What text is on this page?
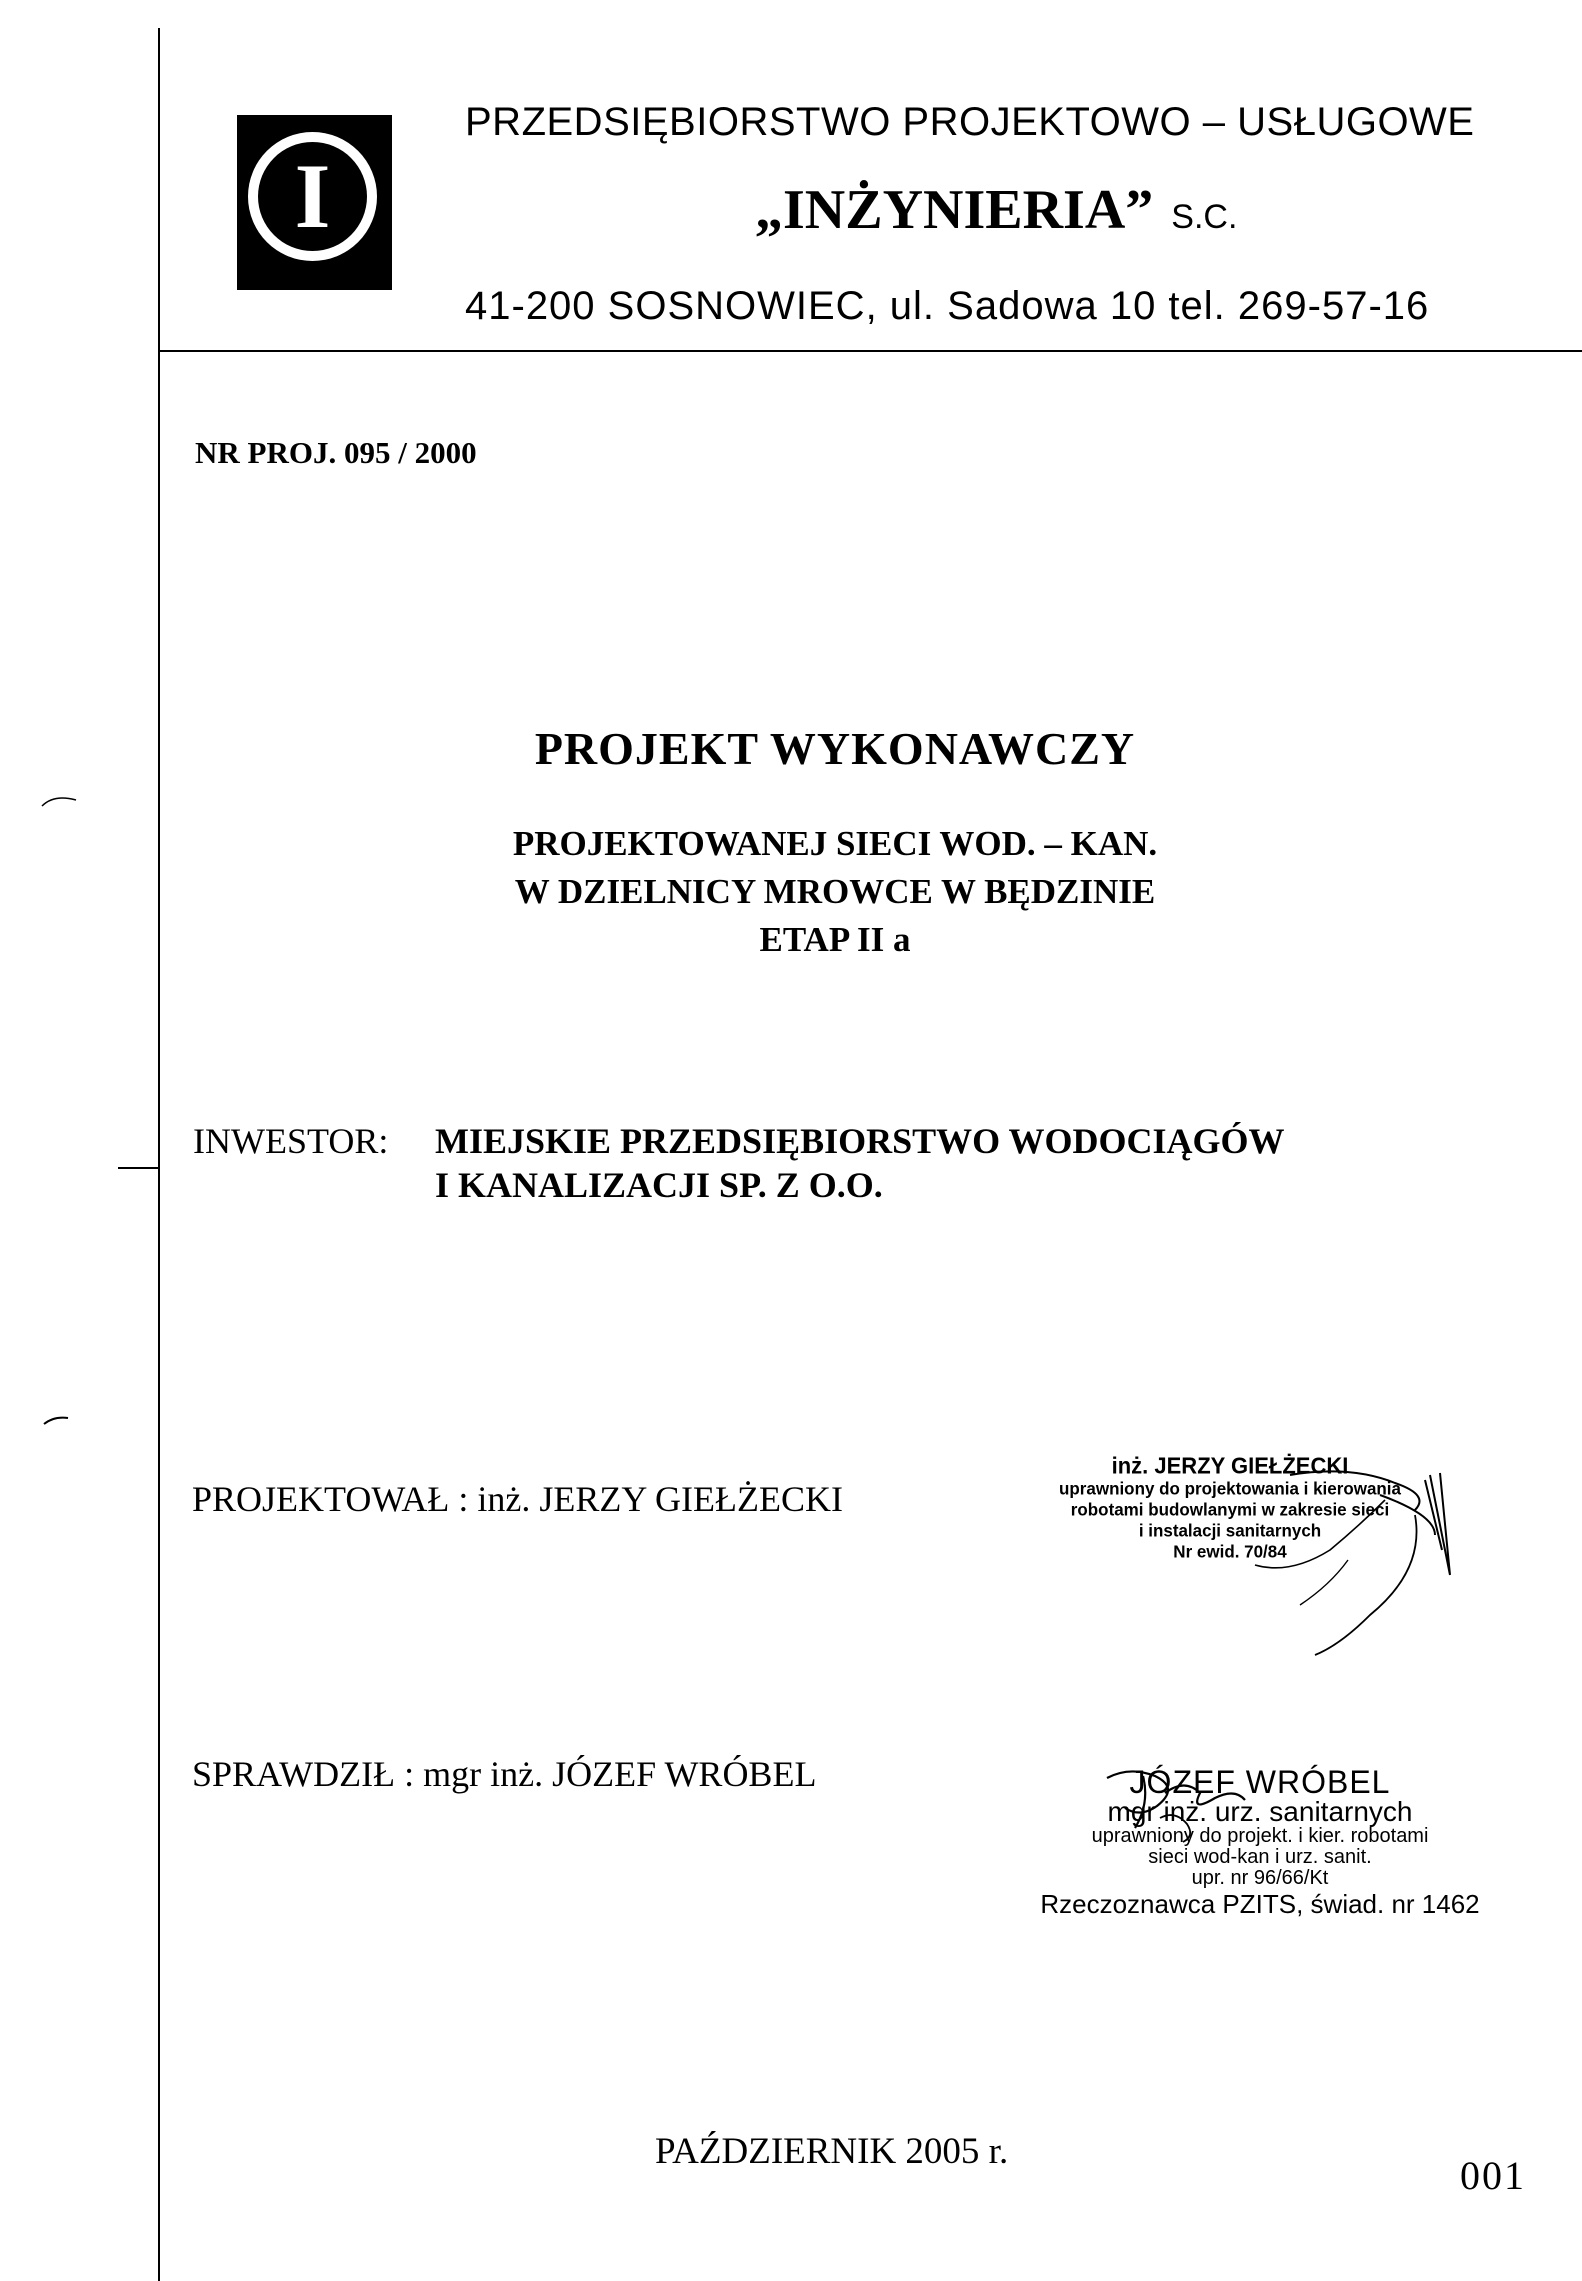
I
PRZEDSIĘBIORSTWO PROJEKTOWO – USŁUGOWE
„INŻYNIERIA” S.C.
41-200 SOSNOWIEC, ul. Sadowa 10 tel. 269-57-16
NR PROJ. 095 / 2000
PROJEKT WYKONAWCZY
PROJEKTOWANEJ SIECI WOD. – KAN.
W DZIELNICY MROWCE W BĘDZINIE
ETAP II a
INWESTOR: MIEJSKIE PRZEDSIĘBIORSTWO WODOCIĄGÓW
I KANALIZACJI SP. Z O.O.
PROJEKTOWAŁ : inż. JERZY GIEŁŻECKI
inż. JERZY GIEŁŻECKI
uprawniony do projektowania i kierowania
robotami budowlanymi w zakresie sieci
i instalacji sanitarnych
Nr ewid. 70/84
SPRAWDZIŁ : mgr inż. JÓZEF WRÓBEL	JÓZEF WRÓBEL
mgr inż. urz. sanitarnych
uprawniony do projekt. i kier. robotami
sieci wod-kan i urz. sanit.
upr. nr 96/66/Kt
Rzeczoznawca PZITS, świad. nr 1462
PAŹDZIERNIK 2005 r.
001
